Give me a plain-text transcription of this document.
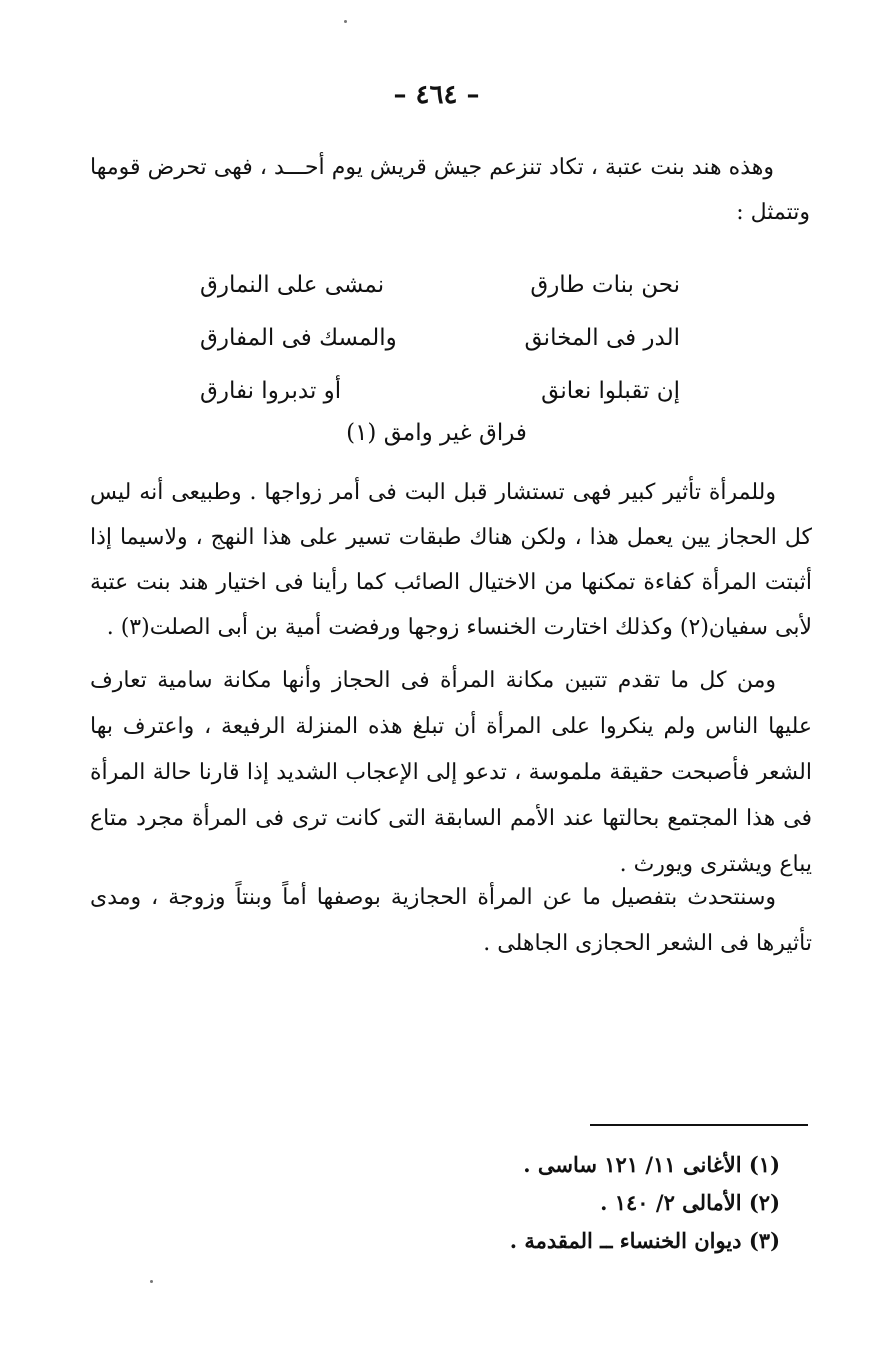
– ٤٦٤ –
وهذه هند بنت عتبة ، تكاد تنزعم جيش قريش يوم أحـــد ، فهى تحرض قومها وتتمثل :
نحن بنات طارق
نمشى على النمارق
الدر فى المخانق
والمسك فى المفارق
إن تقبلوا نعانق
أو تدبروا نفارق
فراق غير وامق (١)
وللمرأة تأثير كبير فهى تستشار قبل البت فى أمر زواجها . وطبيعى أنه ليس كل الحجاز يين يعمل هذا ، ولكن هناك طبقات تسير على هذا النهج ، ولاسيما إذا أثبتت المرأة كفاءة تمكنها من الاختيال الصائب كما رأينا فى اختيار هند بنت عتبة لأبى سفيان(٢) وكذلك اختارت الخنساء زوجها ورفضت أمية بن أبى الصلت(٣) .
ومن كل ما تقدم تتبين مكانة المرأة فى الحجاز وأنها مكانة سامية تعارف عليها الناس ولم ينكروا على المرأة أن تبلغ هذه المنزلة الرفيعة ، واعترف بها الشعر فأصبحت حقيقة ملموسة ، تدعو إلى الإعجاب الشديد إذا قارنا حالة المرأة فى هذا المجتمع بحالتها عند الأمم السابقة التى كانت ترى فى المرأة مجرد متاع يباع ويشترى ويورث .
وسنتحدث بتفصيل ما عن المرأة الحجازية بوصفها أماً وبنتاً وزوجة ، ومدى تأثيرها فى الشعر الحجازى الجاهلى .
(١) الأغانى ١١/ ١٢١ ساسى .
(٢) الأمالى ٢/ ١٤٠ .
(٣) ديوان الخنساء ــ المقدمة .
